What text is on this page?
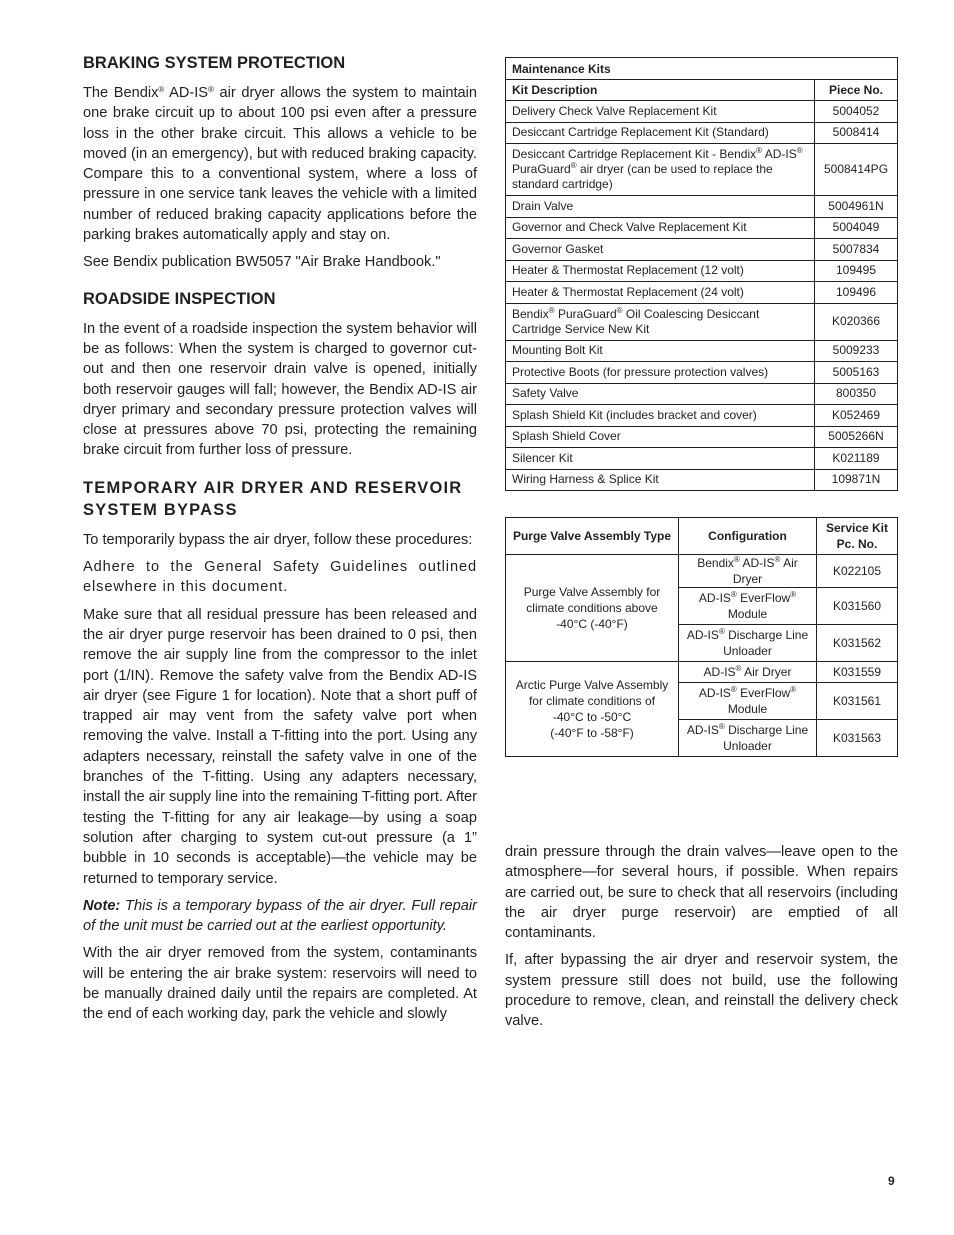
BRAKING SYSTEM PROTECTION

The Bendix® AD-IS® air dryer allows the system to maintain one brake circuit up to about 100 psi even after a pressure loss in the other brake circuit. This allows a vehicle to be moved (in an emergency), but with reduced braking capacity. Compare this to a conventional system, where a loss of pressure in one service tank leaves the vehicle with a limited number of reduced braking capacity applications before the parking brakes automatically apply and stay on.

See Bendix publication BW5057 "Air Brake Handbook."

ROADSIDE INSPECTION

In the event of a roadside inspection the system behavior will be as follows: When the system is charged to governor cut-out and then one reservoir drain valve is opened, initially both reservoir gauges will fall; however, the Bendix AD-IS air dryer primary and secondary pressure protection valves will close at pressures above 70 psi, protecting the remaining brake circuit from further loss of pressure.

TEMPORARY AIR DRYER AND RESERVOIR SYSTEM BYPASS

To temporarily bypass the air dryer, follow these procedures:

Adhere to the General Safety Guidelines outlined elsewhere in this document.

Make sure that all residual pressure has been released and the air dryer purge reservoir has been drained to 0 psi, then remove the air supply line from the compressor to the inlet port (1/IN). Remove the safety valve from the Bendix AD-IS air dryer (see Figure 1 for location). Note that a short puff of trapped air may vent from the safety valve port when removing the valve. Install a T-fitting into the port. Using any adapters necessary, reinstall the safety valve in one of the branches of the T-fitting. Using any adapters necessary, install the air supply line into the remaining T-fitting port. After testing the T-fitting for any air leakage—by using a soap solution after charging to system cut-out pressure (a 1” bubble in 10 seconds is acceptable)—the vehicle may be returned to temporary service.

Note: This is a temporary bypass of the air dryer. Full repair of the unit must be carried out at the earliest opportunity.

With the air dryer removed from the system, contaminants will be entering the air brake system: reservoirs will need to be manually drained daily until the repairs are completed. At the end of each working day, park the vehicle and slowly

Maintenance Kits	
Kit Description	Piece No.
Delivery Check Valve Replacement Kit	5004052
Desiccant Cartridge Replacement Kit (Standard)	5008414
Desiccant Cartridge Replacement Kit - Bendix® AD-IS® PuraGuard® air dryer (can be used to replace the standard cartridge)	5008414PG
Drain Valve	5004961N
Governor and Check Valve Replacement Kit	5004049
Governor Gasket	5007834
Heater & Thermostat Replacement (12 volt)	109495
Heater & Thermostat Replacement (24 volt)	109496
Bendix® PuraGuard® Oil Coalescing Desiccant Cartridge Service New Kit	K020366
Mounting Bolt Kit	5009233
Protective Boots (for pressure protection valves)	5005163
Safety Valve	800350
Splash Shield Kit (includes bracket and cover)	K052469
Splash Shield Cover	5005266N
Silencer Kit	K021189
Wiring Harness & Splice Kit	109871N
Purge Valve Assembly Type	Configuration	Service Kit Pc. No.
Purge Valve Assembly for
climate conditions above
-40°C (-40°F)	Bendix® AD-IS® Air Dryer	K022105
	AD-IS® EverFlow®
Module	K031560
	AD-IS® Discharge Line
Unloader	K031562
Arctic Purge Valve Assembly
for climate conditions of
-40°C to -50°C
(-40°F to -58°F)	AD-IS® Air Dryer	K031559
	AD-IS® EverFlow®
Module	K031561
	AD-IS® Discharge Line
Unloader	K031563

drain pressure through the drain valves—leave open to the atmosphere—for several hours, if possible. When repairs are carried out, be sure to check that all reservoirs (including the air dryer purge reservoir) are emptied of all contaminants.

If, after bypassing the air dryer and reservoir system, the system pressure still does not build, use the following procedure to remove, clean, and reinstall the delivery check valve.

9
